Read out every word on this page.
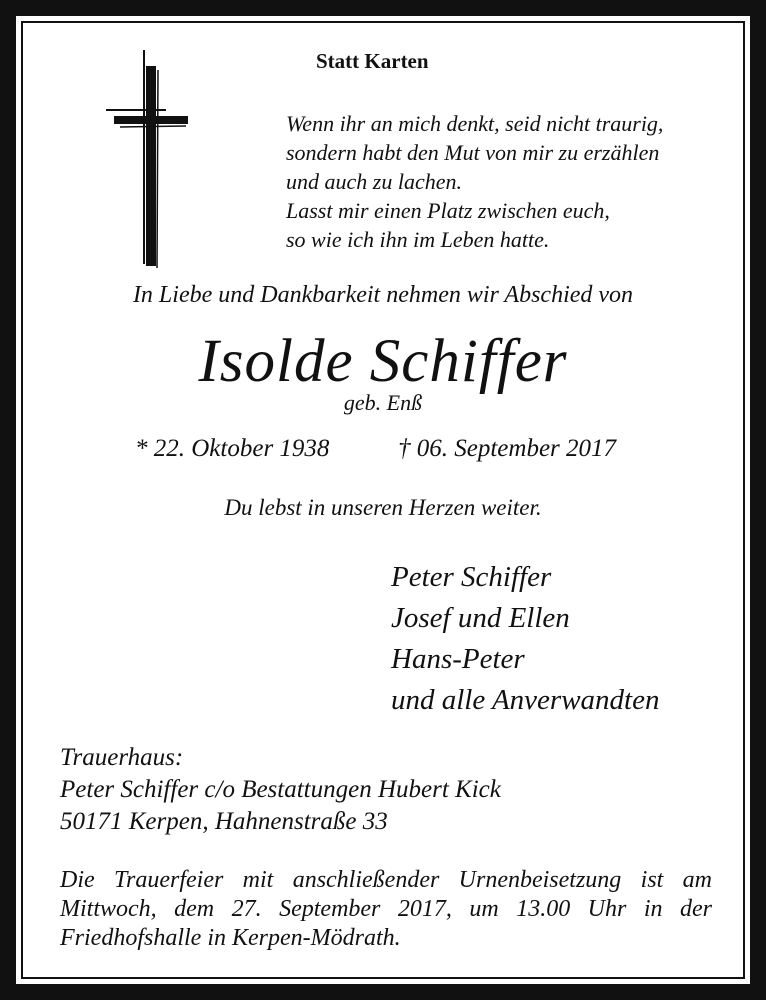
Statt Karten

Wenn ihr an mich denkt, seid nicht traurig,

sondern habt den Mut von mir zu erzählen

und auch zu lachen.

Lasst mir einen Platz zwischen euch,

so wie ich ihn im Leben hatte.

In Liebe und Dankbarkeit nehmen wir Abschied von

Isolde Schiffer

geb. Enß

* 22. Oktober 1938	† 06. September 2017

Du lebst in unseren Herzen weiter.

Peter Schiffer

Josef und Ellen

Hans-Peter

und alle Anverwandten

Trauerhaus:

Peter Schiffer c/o Bestattungen Hubert Kick

50171 Kerpen, Hahnenstraße 33

Die Trauerfeier mit anschließender Urnenbeisetzung ist am Mittwoch, dem 27. September 2017, um 13.00 Uhr in der Friedhofshalle in Kerpen-Mödrath.
